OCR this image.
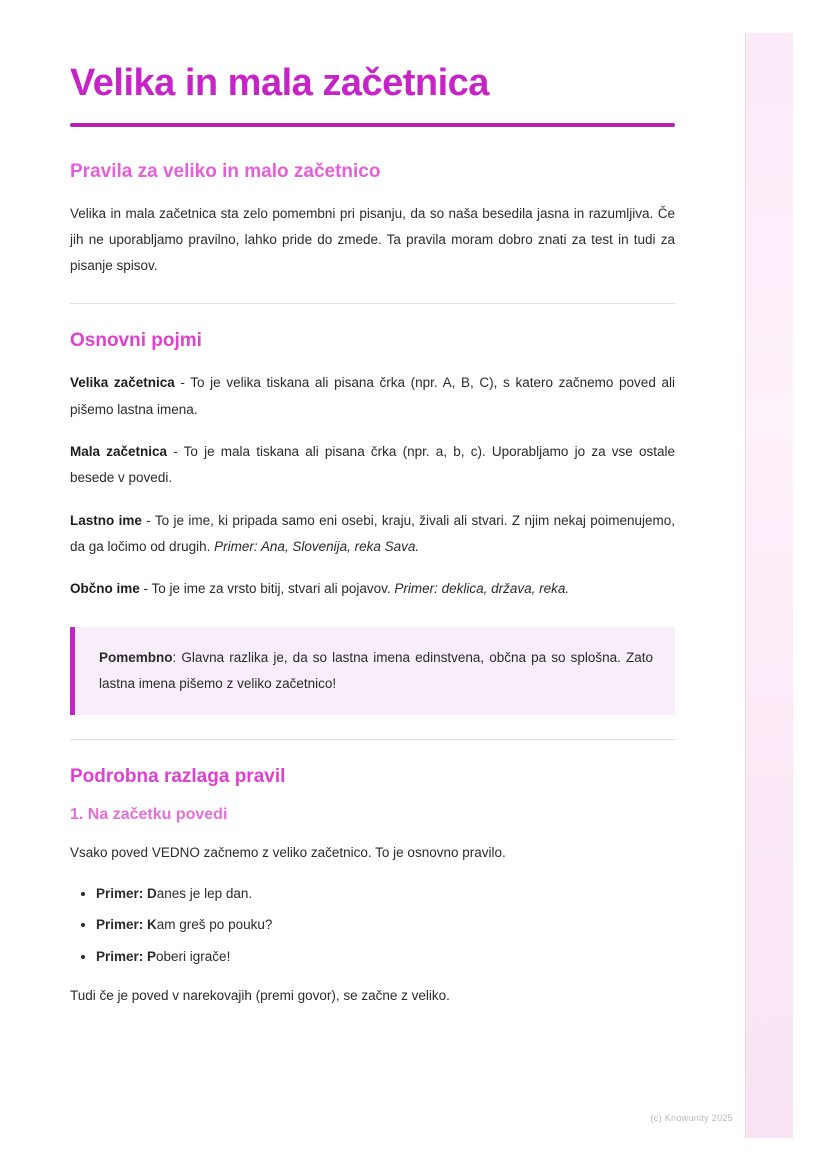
Velika in mala začetnica
Pravila za veliko in malo začetnico

Velika in mala začetnica sta zelo pomembni pri pisanju, da so naša besedila jasna in razumljiva. Če jih ne uporabljamo pravilno, lahko pride do zmede. Ta pravila moram dobro znati za test in tudi za pisanje spisov.

Osnovni pojmi

Velika začetnica - To je velika tiskana ali pisana črka (npr. A, B, C), s katero začnemo poved ali pišemo lastna imena.

Mala začetnica - To je mala tiskana ali pisana črka (npr. a, b, c). Uporabljamo jo za vse ostale besede v povedi.

Lastno ime - To je ime, ki pripada samo eni osebi, kraju, živali ali stvari. Z njim nekaj poimenujemo, da ga ločimo od drugih. Primer: Ana, Slovenija, reka Sava.

Občno ime - To je ime za vrsto bitij, stvari ali pojavov. Primer: deklica, država, reka.

Pomembno: Glavna razlika je, da so lastna imena edinstvena, občna pa so splošna. Zato lastna imena pišemo z veliko začetnico!

Podrobna razlaga pravil
1. Na začetku povedi

Vsako poved VEDNO začnemo z veliko začetnico. To je osnovno pravilo.

• Primer: Danes je lep dan.
• Primer: Kam greš po pouku?
• Primer: Poberi igrače!

Tudi če je poved v narekovajih (premi govor), se začne z veliko.

(c) Knowunity 2025
